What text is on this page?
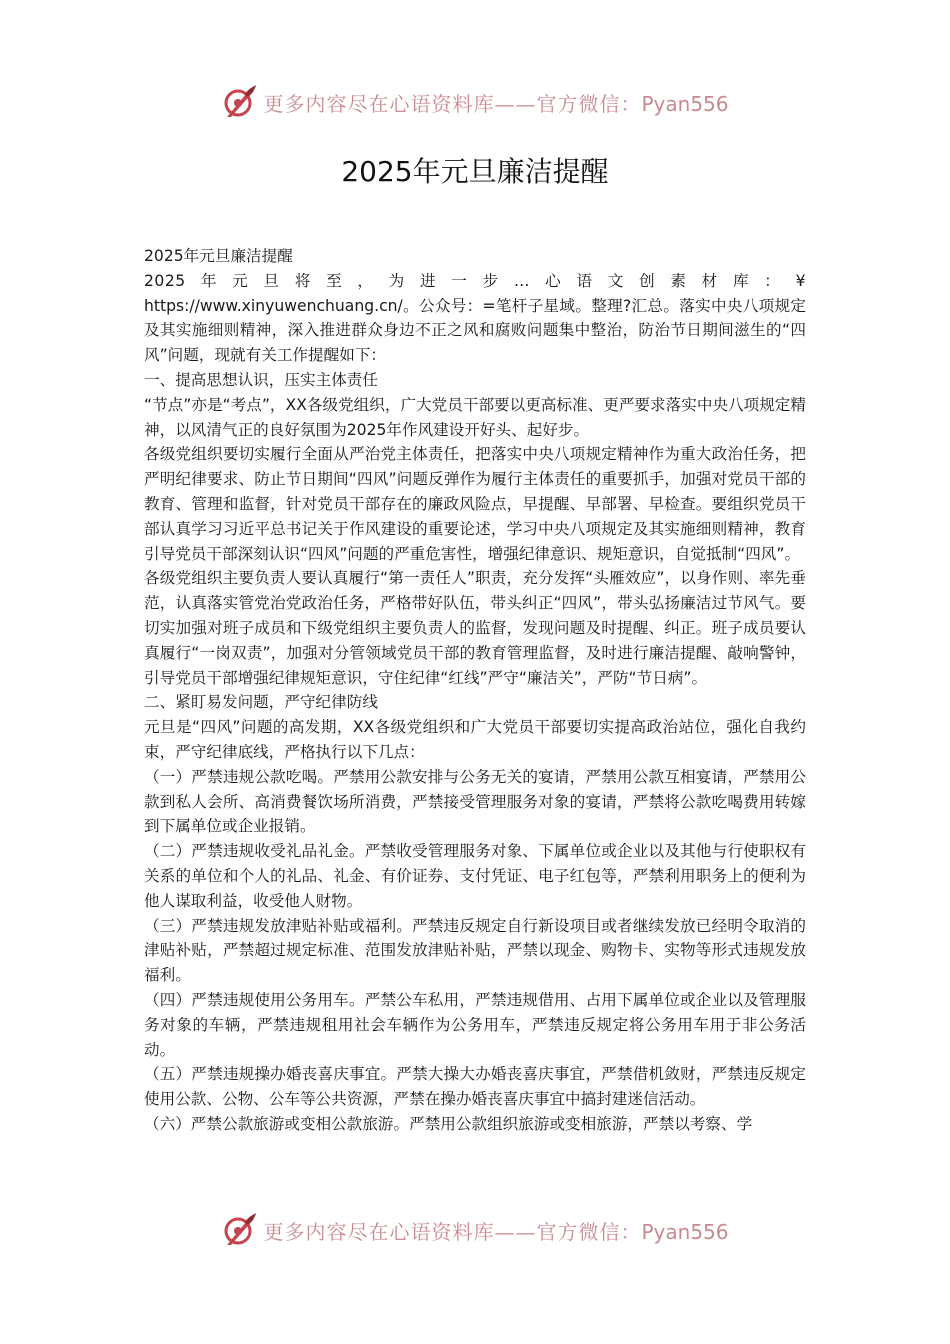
更多内容尽在心语资料库——官方微信：Pyan556
2025年元旦廉洁提醒

2025年元旦廉洁提醒

2025年元旦将至，为进一步…心语文创素材库：¥

https://www.xinyuwenchuang.cn/。公众号：=笔杆子星域。整理?汇总。落实中央八项规定及其实施细则精神，深入推进群众身边不正之风和腐败问题集中整治，防治节日期间滋生的“四风”问题，现就有关工作提醒如下：

一、提高思想认识，压实主体责任

“节点”亦是“考点”，XX各级党组织，广大党员干部要以更高标准、更严要求落实中央八项规定精神，以风清气正的良好氛围为2025年作风建设开好头、起好步。

各级党组织要切实履行全面从严治党主体责任，把落实中央八项规定精神作为重大政治任务，把严明纪律要求、防止节日期间“四风”问题反弹作为履行主体责任的重要抓手，加强对党员干部的教育、管理和监督，针对党员干部存在的廉政风险点，早提醒、早部署、早检查。要组织党员干部认真学习习近平总书记关于作风建设的重要论述，学习中央八项规定及其实施细则精神，教育引导党员干部深刻认识“四风”问题的严重危害性，增强纪律意识、规矩意识，自觉抵制“四风”。

各级党组织主要负责人要认真履行“第一责任人”职责，充分发挥“头雁效应”，以身作则、率先垂范，认真落实管党治党政治任务，严格带好队伍，带头纠正“四风”，带头弘扬廉洁过节风气。要切实加强对班子成员和下级党组织主要负责人的监督，发现问题及时提醒、纠正。班子成员要认真履行“一岗双责”，加强对分管领域党员干部的教育管理监督，及时进行廉洁提醒、敲响警钟，引导党员干部增强纪律规矩意识，守住纪律“红线”严守“廉洁关”，严防“节日病”。

二、紧盯易发问题，严守纪律防线

元旦是“四风”问题的高发期，XX各级党组织和广大党员干部要切实提高政治站位，强化自我约束，严守纪律底线，严格执行以下几点：

（一）严禁违规公款吃喝。严禁用公款安排与公务无关的宴请，严禁用公款互相宴请，严禁用公款到私人会所、高消费餐饮场所消费，严禁接受管理服务对象的宴请，严禁将公款吃喝费用转嫁到下属单位或企业报销。

（二）严禁违规收受礼品礼金。严禁收受管理服务对象、下属单位或企业以及其他与行使职权有关系的单位和个人的礼品、礼金、有价证券、支付凭证、电子红包等，严禁利用职务上的便利为他人谋取利益，收受他人财物。

（三）严禁违规发放津贴补贴或福利。严禁违反规定自行新设项目或者继续发放已经明令取消的津贴补贴，严禁超过规定标准、范围发放津贴补贴，严禁以现金、购物卡、实物等形式违规发放福利。

（四）严禁违规使用公务用车。严禁公车私用，严禁违规借用、占用下属单位或企业以及管理服务对象的车辆，严禁违规租用社会车辆作为公务用车，严禁违反规定将公务用车用于非公务活动。

（五）严禁违规操办婚丧喜庆事宜。严禁大操大办婚丧喜庆事宜，严禁借机敛财，严禁违反规定使用公款、公物、公车等公共资源，严禁在操办婚丧喜庆事宜中搞封建迷信活动。

（六）严禁公款旅游或变相公款旅游。严禁用公款组织旅游或变相旅游，严禁以考察、学

更多内容尽在心语资料库——官方微信：Pyan556
